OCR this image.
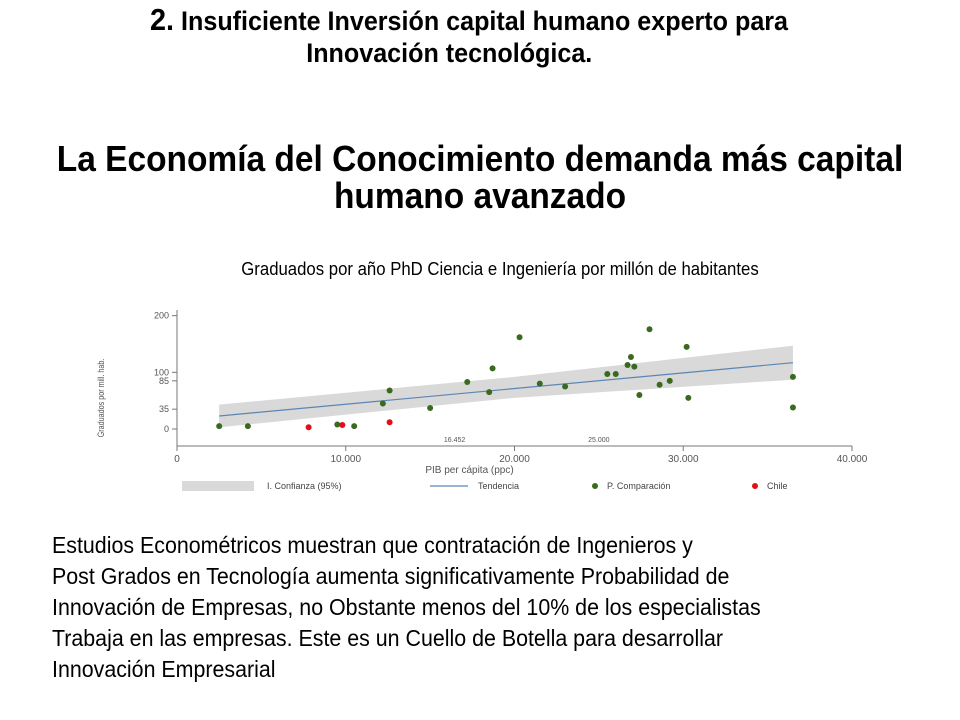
2. Insuficiente Inversión capital humano experto para
Innovación tecnológica.
La Economía del Conocimiento demanda más capital
humano avanzado
Graduados por año PhD Ciencia e Ingeniería por millón de habitantes
0
35
85
100
200
0	10.000	20.000	30.000	40.000
16.452	25.000
PIB per cápita (ppc)
Graduados por mill. hab.
I. Confianza (95%)	Tendencia	P. Comparación	Chile
Estudios Econométricos muestran que contratación de Ingenieros y
Post Grados en Tecnología aumenta significativamente Probabilidad de
Innovación de Empresas, no Obstante menos del 10% de los especialistas
Trabaja en las empresas. Este es un Cuello de Botella para desarrollar
Innovación Empresarial
